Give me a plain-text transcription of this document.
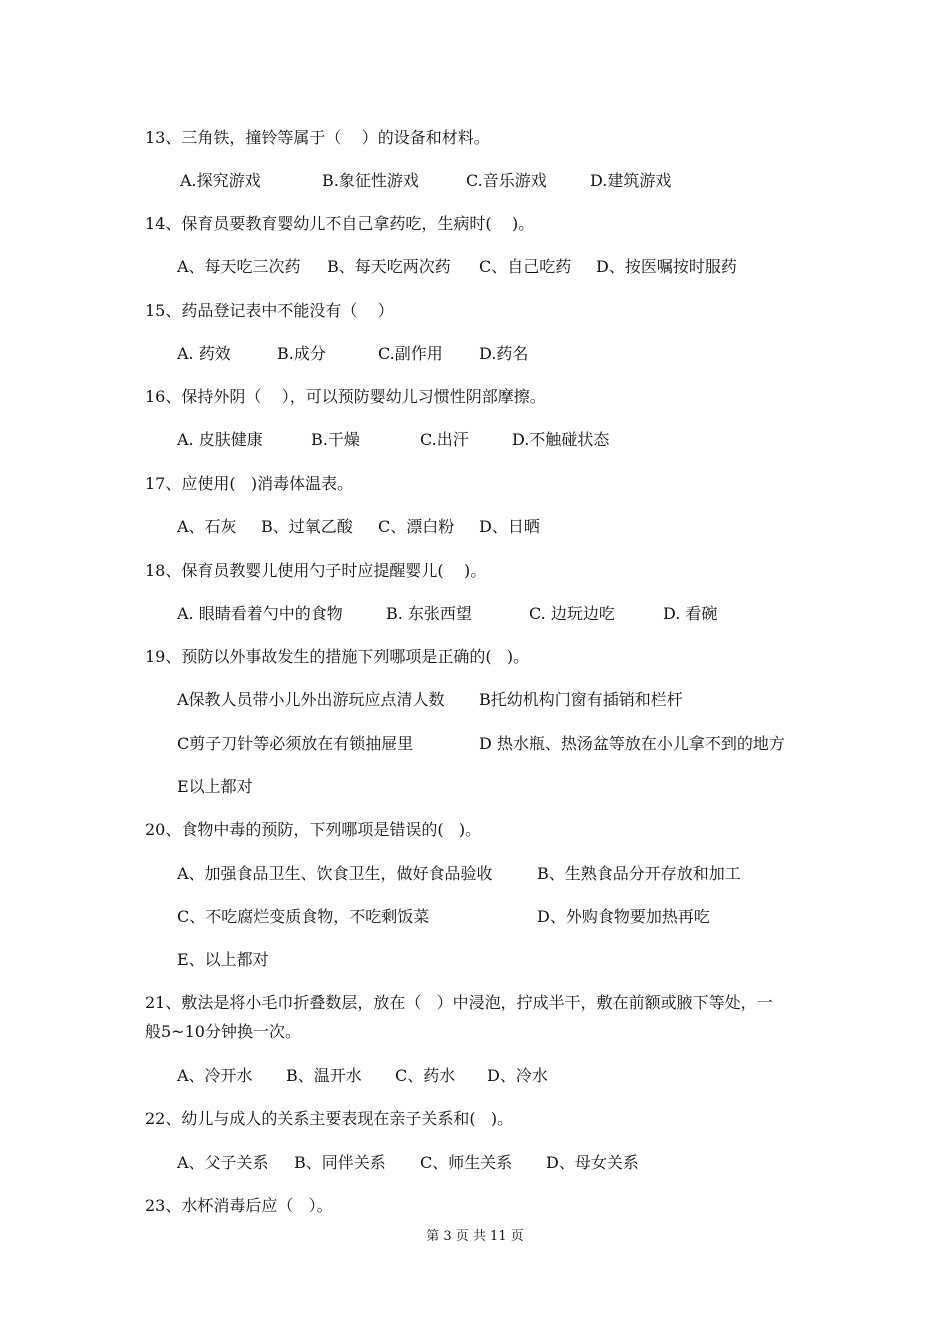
13、三角铁，撞铃等属于（    ）的设备和材料。
A.探究游戏	B.象征性游戏	C.音乐游戏	D.建筑游戏
14、保育员要教育婴幼儿不自己拿药吃，生病时(    )。
A、每天吃三次药 B、每天吃两次药 C、自己吃药 D、按医嘱按时服药
15、药品登记表中不能没有（    ）
A. 药效	B.成分	C.副作用 D.药名
16、保持外阴（    ），可以预防婴幼儿习惯性阴部摩擦。
A. 皮肤健康	B.干燥	C.出汗	D.不触碰状态
17、应使用(   )消毒体温表。
A、石灰 B、过氧乙酸 C、漂白粉 D、日晒
18、保育员教婴儿使用勺子时应提醒婴儿(    )。
A. 眼睛看着勺中的食物	B. 东张西望	C. 边玩边吃	D. 看碗
19、预防以外事故发生的措施下列哪项是正确的(   )。
A保教人员带小儿外出游玩应点清人数 B托幼机构门窗有插销和栏杆
C剪子刀针等必须放在有锁抽屉里	D 热水瓶、热汤盆等放在小儿拿不到的地方
E以上都对
20、食物中毒的预防，下列哪项是错误的(   )。
A、加强食品卫生、饮食卫生，做好食品验收	B、生熟食品分开存放和加工
C、不吃腐烂变质食物，不吃剩饭菜	D、外购食物要加热再吃
E、以上都对
21、敷法是将小毛巾折叠数层，放在（   ）中浸泡，拧成半干，敷在前额或腋下等处，一
般5~10分钟换一次。
A、冷开水 B、温开水 C、药水 D、冷水
22、幼儿与成人的关系主要表现在亲子关系和(   )。
A、父子关系 B、同伴关系 C、师生关系 D、母女关系
23、水杯消毒后应（   ）。
第 3 页 共 11 页
